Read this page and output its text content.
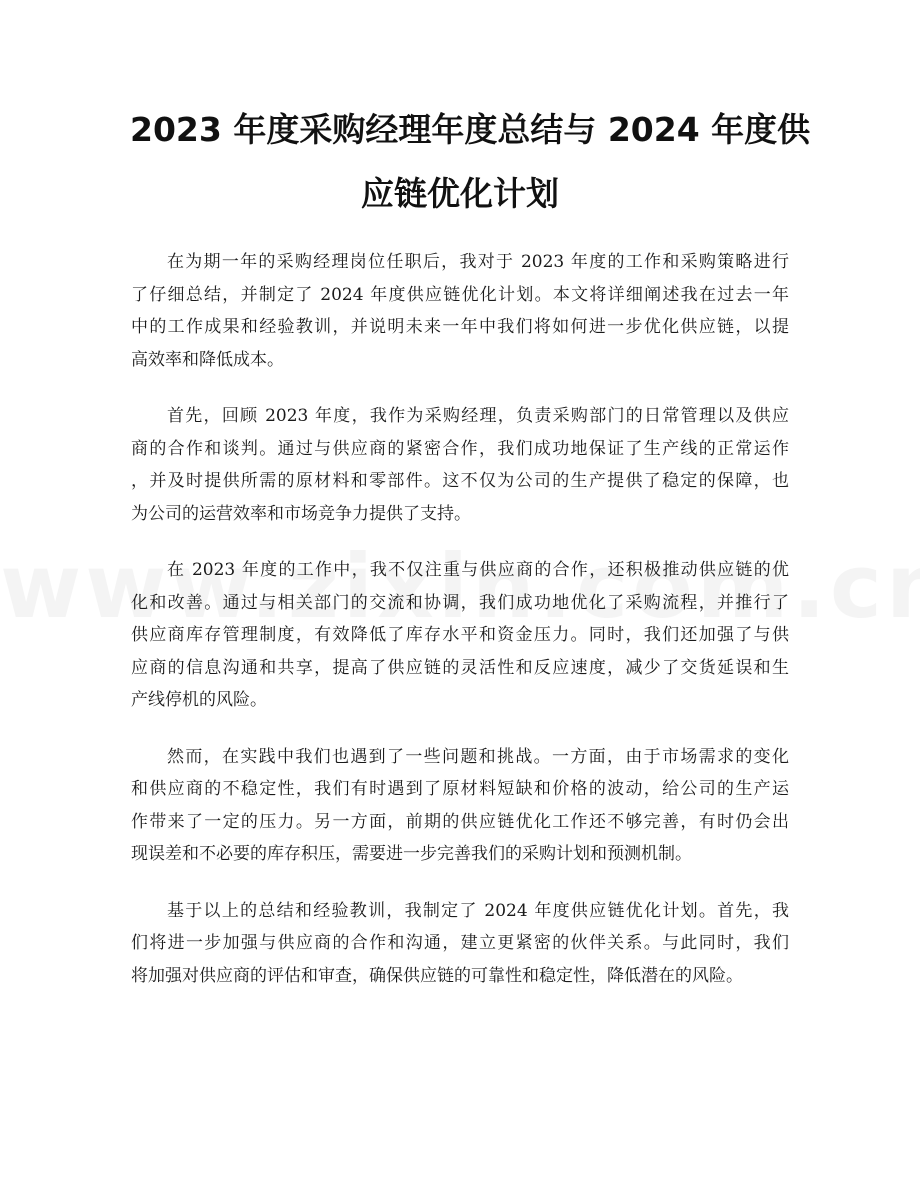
2023 年度采购经理年度总结与 2024 年度供
应链优化计划

在为期一年的采购经理岗位任职后，我对于 2023 年度的工作和采购策略进行
了仔细总结，并制定了 2024 年度供应链优化计划。本文将详细阐述我在过去一年
中的工作成果和经验教训，并说明未来一年中我们将如何进一步优化供应链，以提
高效率和降低成本。

首先，回顾 2023 年度，我作为采购经理，负责采购部门的日常管理以及供应
商的合作和谈判。通过与供应商的紧密合作，我们成功地保证了生产线的正常运作
，并及时提供所需的原材料和零部件。这不仅为公司的生产提供了稳定的保障，也
为公司的运营效率和市场竞争力提供了支持。

在 2023 年度的工作中，我不仅注重与供应商的合作，还积极推动供应链的优
化和改善。通过与相关部门的交流和协调，我们成功地优化了采购流程，并推行了
供应商库存管理制度，有效降低了库存水平和资金压力。同时，我们还加强了与供
应商的信息沟通和共享，提高了供应链的灵活性和反应速度，减少了交货延误和生
产线停机的风险。

然而，在实践中我们也遇到了一些问题和挑战。一方面，由于市场需求的变化
和供应商的不稳定性，我们有时遇到了原材料短缺和价格的波动，给公司的生产运
作带来了一定的压力。另一方面，前期的供应链优化工作还不够完善，有时仍会出
现误差和不必要的库存积压，需要进一步完善我们的采购计划和预测机制。

基于以上的总结和经验教训，我制定了 2024 年度供应链优化计划。首先，我
们将进一步加强与供应商的合作和沟通，建立更紧密的伙伴关系。与此同时，我们
将加强对供应商的评估和审查，确保供应链的可靠性和稳定性，降低潜在的风险。
